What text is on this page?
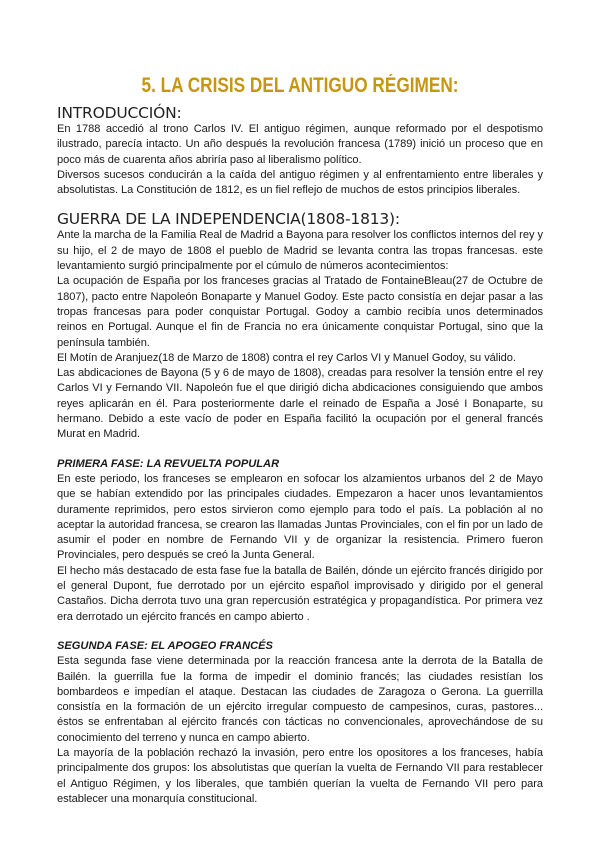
5. LA CRISIS DEL ANTIGUO RÉGIMEN:
INTRODUCCIÓN:

En 1788 accedió al trono Carlos IV. El antiguo régimen, aunque reformado por el despotismo ilustrado, parecía intacto. Un año después la revolución francesa (1789) inició un proceso que en poco más de cuarenta años abriría paso al liberalismo político.

Diversos sucesos conducirán a la caída del antiguo régimen y al enfrentamiento entre liberales y absolutistas. La Constitución de 1812, es un fiel reflejo de muchos de estos principios liberales.

GUERRA DE LA INDEPENDENCIA(1808-1813):

Ante la marcha de la Familia Real de Madrid a Bayona para resolver los conflictos internos del rey y su hijo, el 2 de mayo de 1808 el pueblo de Madrid se levanta contra las tropas francesas. este levantamiento surgió principalmente por el cúmulo de números acontecimientos:

La ocupación de España por los franceses gracias al Tratado de FontaineBleau(27 de Octubre de 1807), pacto entre Napoleón Bonaparte y Manuel Godoy. Este pacto consistía en dejar pasar a las tropas francesas para poder conquistar Portugal. Godoy a cambio recibía unos determinados reinos en Portugal. Aunque el fin de Francia no era únicamente conquistar Portugal, sino que la península también.

El Motín de Aranjuez(18 de Marzo de 1808) contra el rey Carlos VI y Manuel Godoy, su válido.

Las abdicaciones de Bayona (5 y 6 de mayo de 1808), creadas para resolver la tensión entre el rey Carlos VI y Fernando VII. Napoleón fue el que dirigió dicha abdicaciones consiguiendo que ambos reyes aplicarán en él. Para posteriormente darle el reinado de España a José I Bonaparte, su hermano. Debido a este vacío de poder en España facilitó la ocupación por el general francés Murat en Madrid.

PRIMERA FASE: LA REVUELTA POPULAR

En este periodo, los franceses se emplearon en sofocar los alzamientos urbanos del 2 de Mayo que se habían extendido por las principales ciudades. Empezaron a hacer unos levantamientos duramente reprimidos, pero estos sirvieron como ejemplo para todo el país. La población al no aceptar la autoridad francesa, se crearon las llamadas Juntas Provinciales, con el fin por un lado de asumir el poder en nombre de Fernando VII y de organizar la resistencia. Primero fueron Provinciales, pero después se creó la Junta General.

El hecho más destacado de esta fase fue la batalla de Bailén, dónde un ejército francés dirigido por el general Dupont, fue derrotado por un ejército español improvisado y dirigido por el general Castaños. Dicha derrota tuvo una gran repercusión estratégica y propagandística. Por primera vez era derrotado un ejército francés en campo abierto .

SEGUNDA FASE: EL APOGEO FRANCÉS

Esta segunda fase viene determinada por la reacción francesa ante la derrota de la Batalla de Bailén. la guerrilla fue la forma de impedir el dominio francés; las ciudades resistían los bombardeos e impedían el ataque. Destacan las ciudades de Zaragoza o Gerona. La guerrilla consistía en la formación de un ejército irregular compuesto de campesinos, curas, pastores... éstos se enfrentaban al ejército francés con tácticas no convencionales, aprovechándose de su conocimiento del terreno y nunca en campo abierto.

La mayoría de la población rechazó la invasión, pero entre los opositores a los franceses, había principalmente dos grupos: los absolutistas que querían la vuelta de Fernando VII para restablecer el Antiguo Régimen, y los liberales, que también querían la vuelta de Fernando VII pero para establecer una monarquía constitucional.
